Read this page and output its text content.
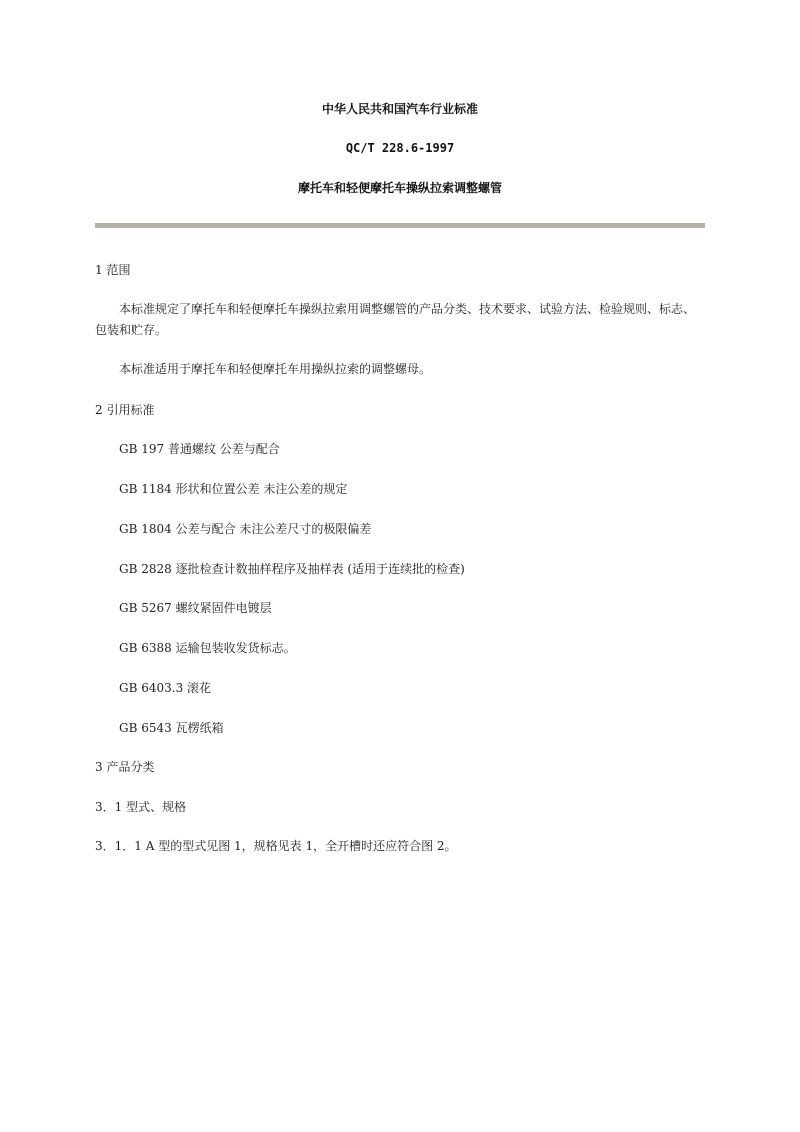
中华人民共和国汽车行业标准
QC/T 228.6-1997
摩托车和轻便摩托车操纵拉索调整螺管
1 范围
本标准规定了摩托车和轻便摩托车操纵拉索用调整螺管的产品分类、技术要求、试验方法、检验规则、标志、
包装和贮存。
本标准适用于摩托车和轻便摩托车用操纵拉索的调整螺母。
2 引用标准
GB 197 普通螺纹 公差与配合
GB 1184 形状和位置公差 未注公差的规定
GB 1804 公差与配合 未注公差尺寸的极限偏差
GB 2828 逐批检查计数抽样程序及抽样表 (适用于连续批的检查)
GB 5267 螺纹紧固件电镀层
GB 6388 运输包装收发货标志。
GB 6403.3 滚花
GB 6543 瓦楞纸箱
3 产品分类
3．1 型式、规格
3．1．1 A 型的型式见图 1，规格见表 1，全开槽时还应符合图 2。
